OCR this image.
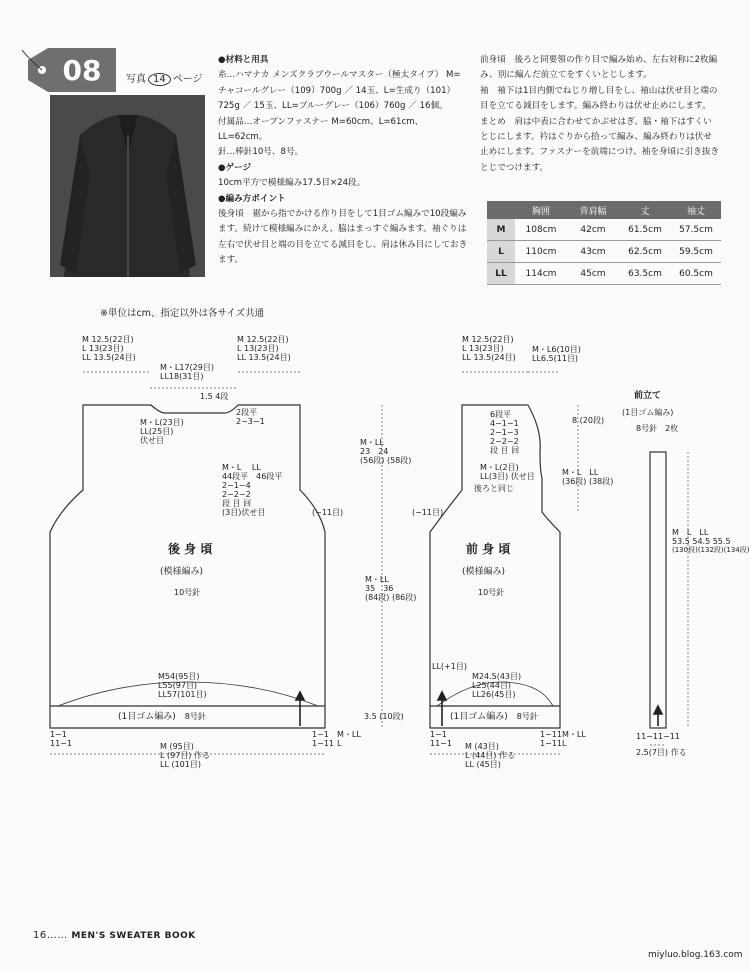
08 写真 14 ページ

●材料と用具

糸…ハマナカ メンズクラブウールマスター（極太タイプ） M=チャコールグレー（109）700g ／ 14玉、L=生成り（101）725g ／ 15玉、LL=ブルーグレー（106）760g ／ 16個。

付属品…オープンファスナー M=60cm、L=61cm、LL=62cm。

針…棒針10号、8号。

●ゲージ

10cm平方で模様編み17.5目×24段。

●編み方ポイント

後身頃　裾から指でかける作り目をして1目ゴム編みで10段編みます。続けて模様編みにかえ、脇はまっすぐ編みます。袖ぐりは左右で伏せ目と端の目を立てる減目をし、肩は休み目にしておきます。

前身頃　後ろと同要領の作り目で編み始め、左右対称に2枚編み、別に編んだ前立てをすくいとじします。

袖　袖下は1目内側でねじり増し目をし、袖山は伏せ目と端の目を立てる減目をします。編み終わりは伏せ止めにします。

まとめ　肩は中表に合わせてかぶせはぎ、脇・袖下はすくいとじにします。衿はぐりから拾って編み、編み終わりは伏せ止めにします。ファスナーを前端につけ、袖を身頃に引き抜きとじでつけます。

	胸囲	背肩幅	丈	袖丈
M	108cm	42cm	61.5cm	57.5cm
L	110cm	43cm	62.5cm	59.5cm
LL	114cm	45cm	63.5cm	60.5cm
※単位はcm、指定以外は各サイズ共通
M 12.5(22目)
L 13(23目)
LL 13.5(24目)
M 12.5(22目)
L 13(23目)
LL 13.5(24目)
M・L17(29目)
LL18(31目)
1.5 4段
2段平
2−3−1
M・L(23目)
LL(25目)
伏せ目
M・L　 LL
44段平　46段平
2−1−4
2−2−2
段 目 回
(3目)伏せ目	(−11目)
後 身 頃
(模様編み)
10号針
M54(95目)
L55(97目)
LL57(101目)
(1目ゴム編み)　 8号針
1−1
11−1
1−1
1−11
M・LL
L
M (95目)
L (97目) 作る
LL (101目)
M・LL
23　 24
(56段) (58段)
M・LL
35　 36
(84段) (86段)
3.5 (10段)
M 12.5(22目)
L 13(23目)
LL 13.5(24目)
M・L6(10目)
LL6.5(11目)
6段平
4−1−1
2−1−3
2−2−2
段 目 回
M・L(2目)
LL(3目) 伏せ目
8 (20段)
M・L　 LL
(36段) (38段)
後ろと同じ
(−11目)
前 身 頃
(模様編み)
10号針
LL(+1目)
M24.5(43目)
L25(44目)
LL26(45目)
(1目ゴム編み)　 8号針
1−1
11−1
1−11
1−11
M・LL
L
M (43目)
L (44目) 作る
LL (45目)
前立て
(1目ゴム編み)
8号針　2枚
M　 L　 LL
53.5 54.5 55.5
(130段)(132段)(134段)
11−11−11
2.5(7目) 作る
16…… MEN'S SWEATER BOOK
miyluo.blog.163.com
